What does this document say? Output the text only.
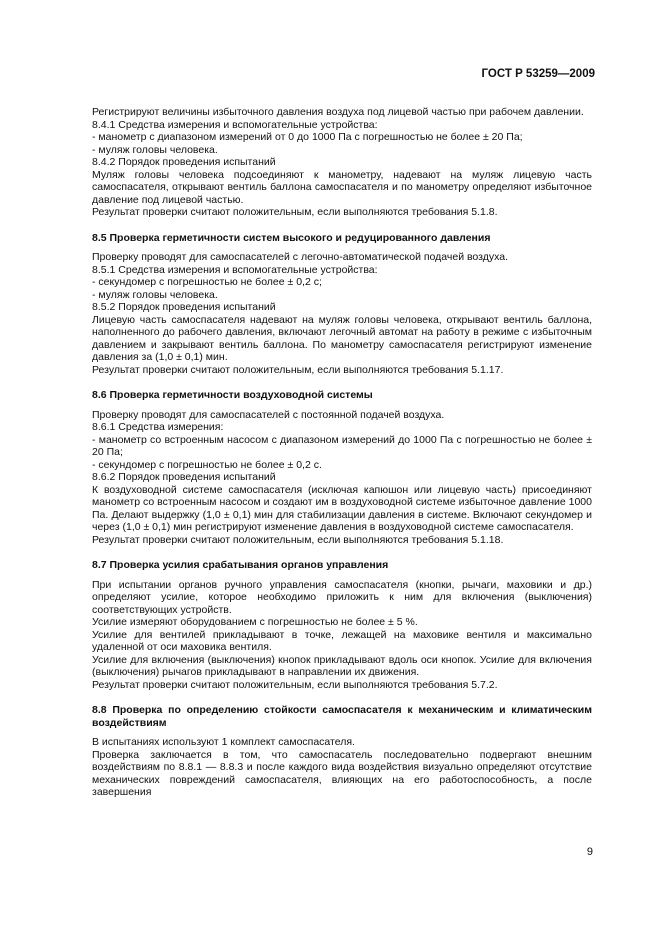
ГОСТ Р 53259—2009

Регистрируют величины избыточного давления воздуха под лицевой частью при рабочем давлении.

8.4.1 Средства измерения и вспомогательные устройства:

- манометр с диапазоном измерений от 0 до 1000 Па с погрешностью не более ± 20 Па;

- муляж головы человека.

8.4.2 Порядок проведения испытаний

Муляж головы человека подсоединяют к манометру, надевают на муляж лицевую часть самоспасателя, открывают вентиль баллона самоспасателя и по манометру определяют избыточное давление под лицевой частью.

Результат проверки считают положительным, если выполняются требования 5.1.8.

8.5 Проверка герметичности систем высокого и редуцированного давления

Проверку проводят для самоспасателей с легочно-автоматической подачей воздуха.

8.5.1 Средства измерения и вспомогательные устройства:

- секундомер с погрешностью не более ± 0,2 с;

- муляж головы человека.

8.5.2 Порядок проведения испытаний

Лицевую часть самоспасателя надевают на муляж головы человека, открывают вентиль баллона, наполненного до рабочего давления, включают легочный автомат на работу в режиме с избыточным давлением и закрывают вентиль баллона. По манометру самоспасателя регистрируют изменение давления за (1,0 ± 0,1) мин.

Результат проверки считают положительным, если выполняются требования 5.1.17.

8.6 Проверка герметичности воздуховодной системы

Проверку проводят для самоспасателей с постоянной подачей воздуха.

8.6.1 Средства измерения:

- манометр со встроенным насосом с диапазоном измерений до 1000 Па с погрешностью не более ± 20 Па;

- секундомер с погрешностью не более ± 0,2 с.

8.6.2 Порядок проведения испытаний

К воздуховодной системе самоспасателя (исключая капюшон или лицевую часть) присоединяют манометр со встроенным насосом и создают им в воздуховодной системе избыточное давление 1000 Па. Делают выдержку (1,0 ± 0,1) мин для стабилизации давления в системе. Включают секундомер и через (1,0 ± 0,1) мин регистрируют изменение давления в воздуховодной системе самоспасателя.

Результат проверки считают положительным, если выполняются требования 5.1.18.

8.7 Проверка усилия срабатывания органов управления

При испытании органов ручного управления самоспасателя (кнопки, рычаги, маховики и др.) определяют усилие, которое необходимо приложить к ним для включения (выключения) соответствующих устройств.

Усилие измеряют оборудованием с погрешностью не более ± 5 %.

Усилие для вентилей прикладывают в точке, лежащей на маховике вентиля и максимально удаленной от оси маховика вентиля.

Усилие для включения (выключения) кнопок прикладывают вдоль оси кнопок. Усилие для включения (выключения) рычагов прикладывают в направлении их движения.

Результат проверки считают положительным, если выполняются требования 5.7.2.

8.8 Проверка по определению стойкости самоспасателя к механическим и климатическим воздействиям

В испытаниях используют 1 комплект самоспасателя.

Проверка заключается в том, что самоспасатель последовательно подвергают внешним воздействиям по 8.8.1 — 8.8.3 и после каждого вида воздействия визуально определяют отсутствие механических повреждений самоспасателя, влияющих на его работоспособность, а после завершения

9
